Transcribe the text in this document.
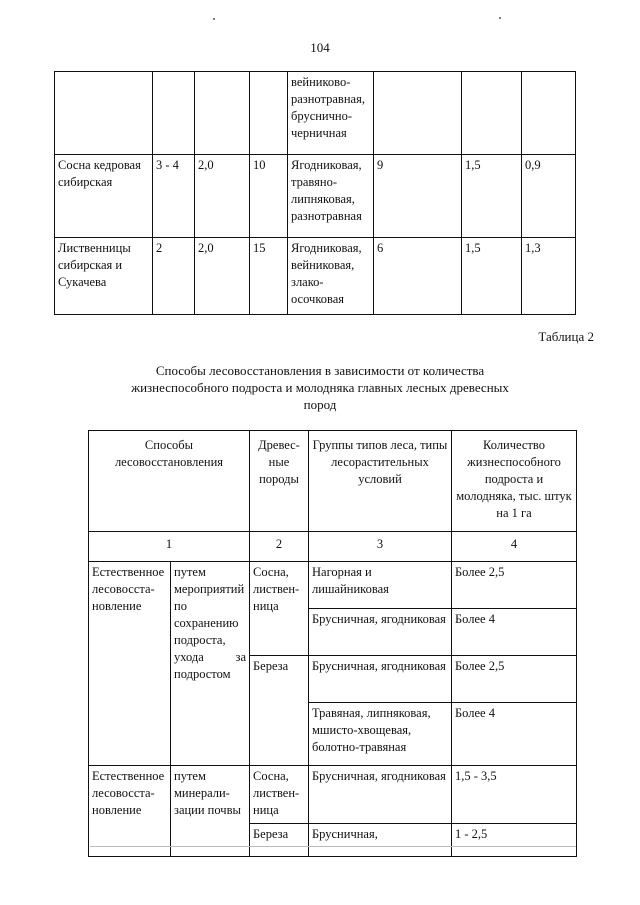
104
				вейниково-разнотравная, бруснично-черничная			
Сосна кедровая сибирская	3 - 4	2,0	10	Ягодниковая, травяно-липняковая, разнотравная	9	1,5	0,9
Лиственницы сибирская и Сукачева	2	2,0	15	Ягодниковая, вейниковая, злако-осочковая	6	1,5	1,3
Таблица 2
Способы лесовосстановления в зависимости от количества жизнеспособного подроста и молодняка главных лесных древесных пород
Способы лесовосстановления		Древес-ные породы	Группы типов леса, типы лесорастительных условий	Количество жизнеспособного подроста и молодняка, тыс. штук на 1 га
1		2	3	4
Естественное лесовосста-новление	путем мероприятий по сохранению подроста, ухода за подростом	Сосна, листвен-ница	Нагорная и лишайниковая	Более 2,5
			Брусничная, ягодниковая	Более 4
		Береза	Брусничная, ягодниковая	Более 2,5
			Травяная, липняковая, мшисто-хвощевая, болотно-травяная	Более 4
Естественное лесовосста-новление	путем минерали-зации почвы	Сосна, листвен-ница	Брусничная, ягодниковая	1,5 - 3,5
		Береза	Брусничная,	1 - 2,5
